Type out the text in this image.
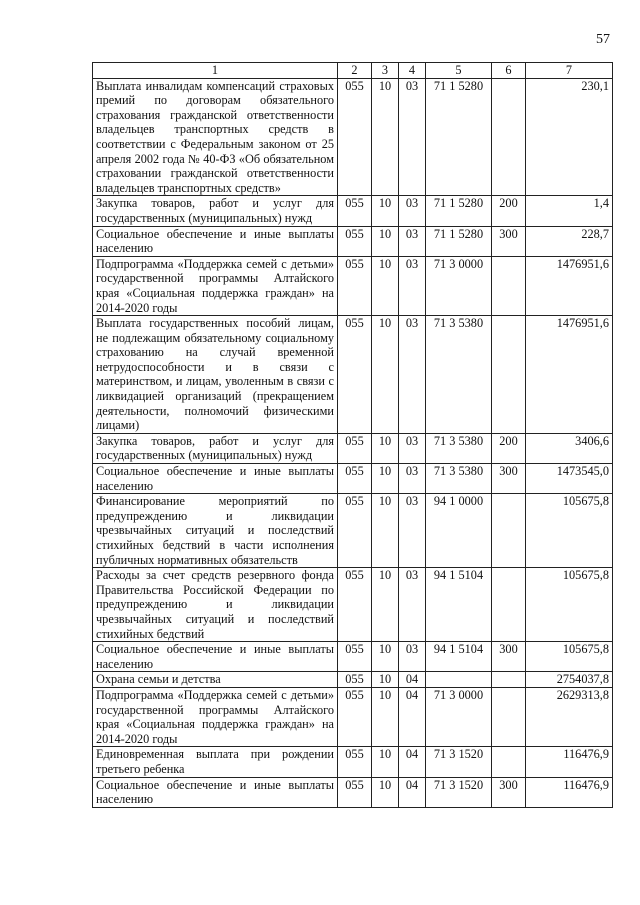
57
1	2	3	4	5	6	7
Выплата инвалидам компенсаций страховых премий по договорам обязательного страхования гражданской ответственности владельцев транспортных средств в соответствии с Федеральным законом от 25 апреля 2002 года № 40-ФЗ «Об обязательном страховании гражданской ответственности владельцев транспортных средств»	055	10	03	71 1 5280		230,1
Закупка товаров, работ и услуг для государственных (муниципальных) нужд	055	10	03	71 1 5280	200	1,4
Социальное обеспечение и иные выплаты населению	055	10	03	71 1 5280	300	228,7
Подпрограмма «Поддержка семей с детьми» государственной программы Алтайского края «Социальная поддержка граждан» на 2014-2020 годы	055	10	03	71 3 0000		1476951,6
Выплата государственных пособий лицам, не подлежащим обязательному социальному страхованию на случай временной нетрудоспособности и в связи с материнством, и лицам, уволенным в связи с ликвидацией организаций (прекращением деятельности, полномочий физическими лицами)	055	10	03	71 3 5380		1476951,6
Закупка товаров, работ и услуг для государственных (муниципальных) нужд	055	10	03	71 3 5380	200	3406,6
Социальное обеспечение и иные выплаты населению	055	10	03	71 3 5380	300	1473545,0
Финансирование мероприятий по предупреждению и ликвидации чрезвычайных ситуаций и последствий стихийных бедствий в части исполнения публичных нормативных обязательств	055	10	03	94 1 0000		105675,8
Расходы за счет средств резервного фонда Правительства Российской Федерации по предупреждению и ликвидации чрезвычайных ситуаций и последствий стихийных бедствий	055	10	03	94 1 5104		105675,8
Социальное обеспечение и иные выплаты населению	055	10	03	94 1 5104	300	105675,8
Охрана семьи и детства	055	10	04			2754037,8
Подпрограмма «Поддержка семей с детьми» государственной программы Алтайского края «Социальная поддержка граждан» на 2014-2020 годы	055	10	04	71 3 0000		2629313,8
Единовременная выплата при рождении третьего ребенка	055	10	04	71 3 1520		116476,9
Социальное обеспечение и иные выплаты населению	055	10	04	71 3 1520	300	116476,9
